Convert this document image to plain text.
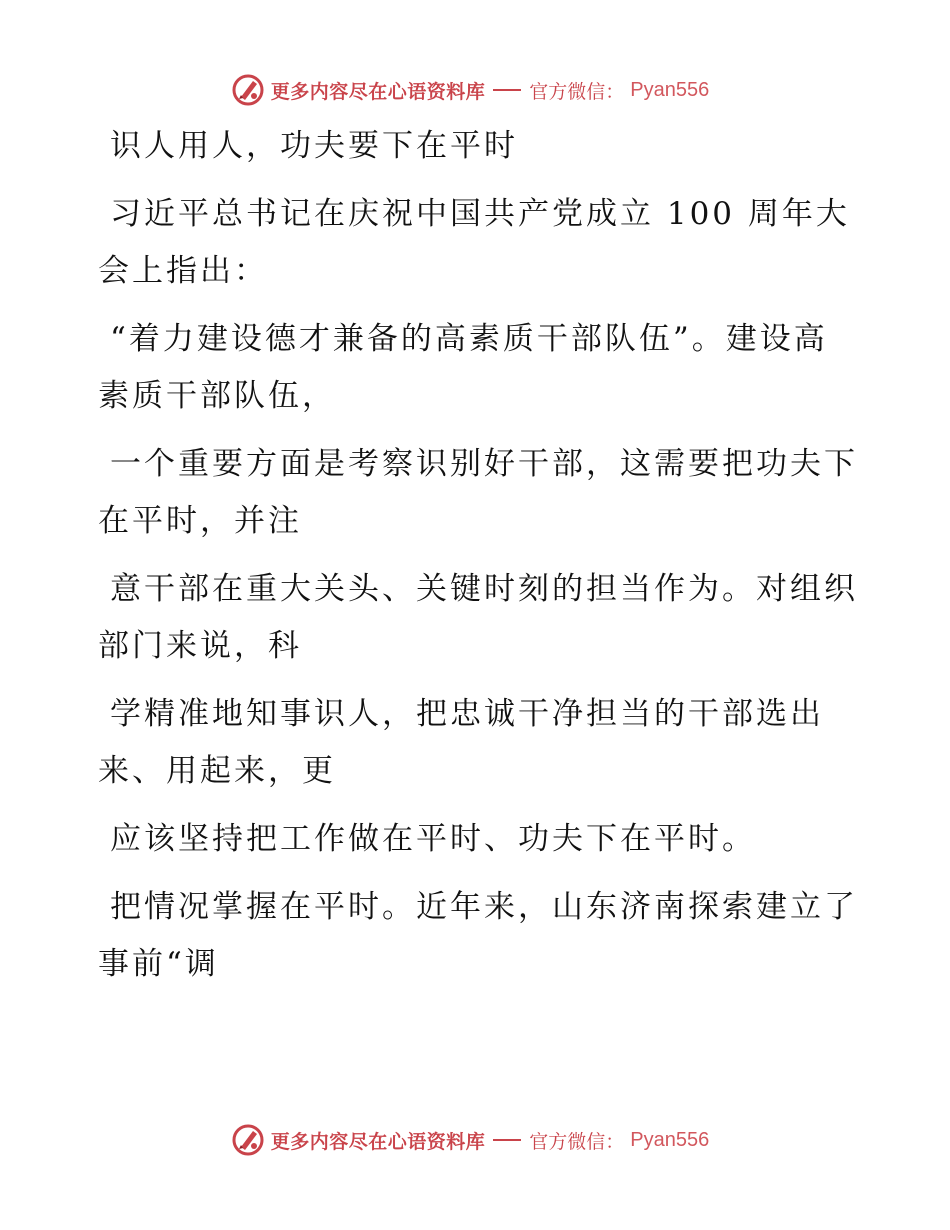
更多内容尽在心语资料库 官方微信： Pyan556

识人用人，功夫要下在平时

习近平总书记在庆祝中国共产党成立 100 周年大会上指出：

“着力建设德才兼备的高素质干部队伍”。建设高素质干部队伍，

一个重要方面是考察识别好干部，这需要把功夫下在平时，并注

意干部在重大关头、关键时刻的担当作为。对组织部门来说，科

学精准地知事识人，把忠诚干净担当的干部选出来、用起来，更

应该坚持把工作做在平时、功夫下在平时。

把情况掌握在平时。近年来，山东济南探索建立了事前“调

更多内容尽在心语资料库 官方微信： Pyan556
